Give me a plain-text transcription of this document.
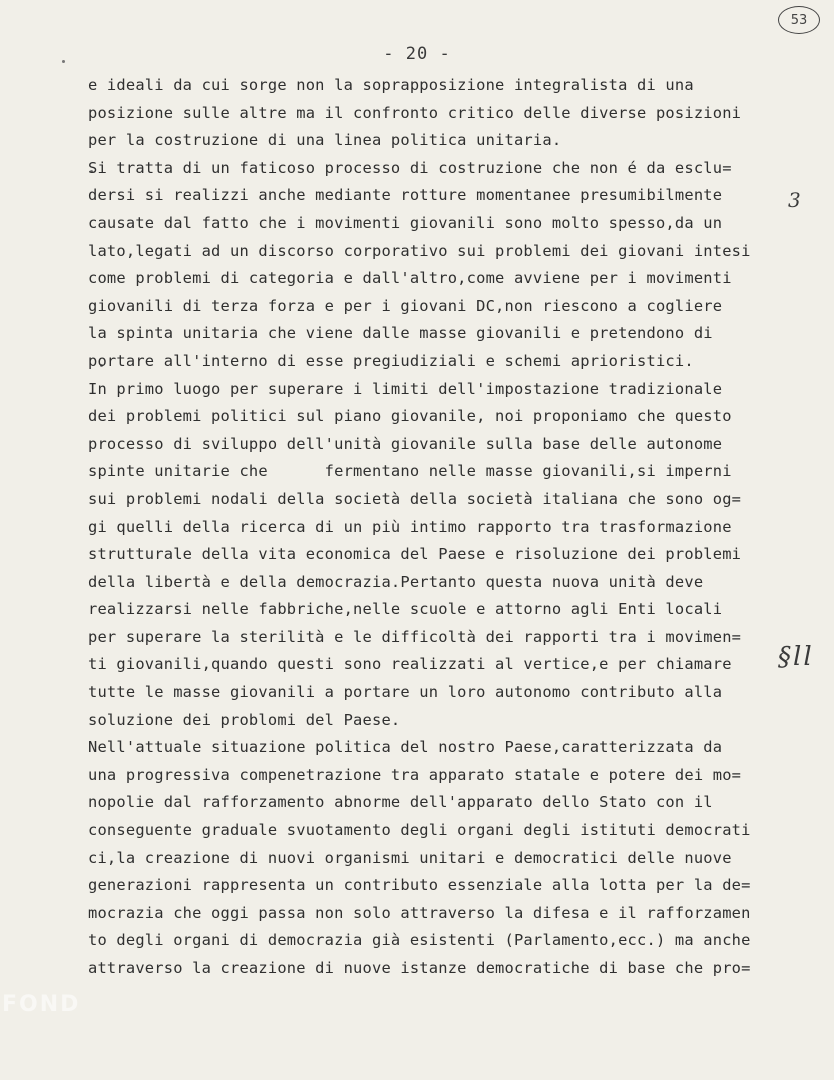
53
- 20 -
e ideali da cui sorge non la soprapposizione integralista di una
posizione sulle altre ma il confronto critico delle diverse posizioni
per la costruzione di una linea politica unitaria.
Si tratta di un faticoso processo di costruzione che non é da esclu=
dersi si realizzi anche mediante rotture momentanee presumibilmente
causate dal fatto che i movimenti giovanili sono molto spesso,da un
lato,legati ad un discorso corporativo sui problemi dei giovani intesi
come problemi di categoria e dall'altro,come avviene per i movimenti
giovanili di terza forza e per i giovani DC,non riescono a cogliere
la spinta unitaria che viene dalle masse giovanili e pretendono di
portare all'interno di esse pregiudiziali e schemi aprioristici.
In primo luogo per superare i limiti dell'impostazione tradizionale
dei problemi politici sul piano giovanile, noi proponiamo che questo
processo di sviluppo dell'unità giovanile sulla base delle autonome
spinte unitarie che      fermentano nelle masse giovanili,si imperni
sui problemi nodali della società della società italiana che sono og=
gi quelli della ricerca di un più intimo rapporto tra trasformazione
strutturale della vita economica del Paese e risoluzione dei problemi
della libertà e della democrazia.Pertanto questa nuova unità deve
realizzarsi nelle fabbriche,nelle scuole e attorno agli Enti locali
per superare la sterilità e le difficoltà dei rapporti tra i movimen=
ti giovanili,quando questi sono realizzati al vertice,e per chiamare
tutte le masse giovanili a portare un loro autonomo contributo alla
soluzione dei problomi del Paese.
Nell'attuale situazione politica del nostro Paese,caratterizzata da
una progressiva compenetrazione tra apparato statale e potere dei mo=
nopolie dal rafforzamento abnorme dell'apparato dello Stato con il
conseguente graduale svuotamento degli organi degli istituti democrati
ci,la creazione di nuovi organismi unitari e democratici delle nuove
generazioni rappresenta un contributo essenziale alla lotta per la de=
mocrazia che oggi passa non solo attraverso la difesa e il rafforzamen
to degli organi di democrazia già esistenti (Parlamento,ecc.) ma anche
attraverso la creazione di nuove istanze democratiche di base che pro=
3
§ll
FOND
